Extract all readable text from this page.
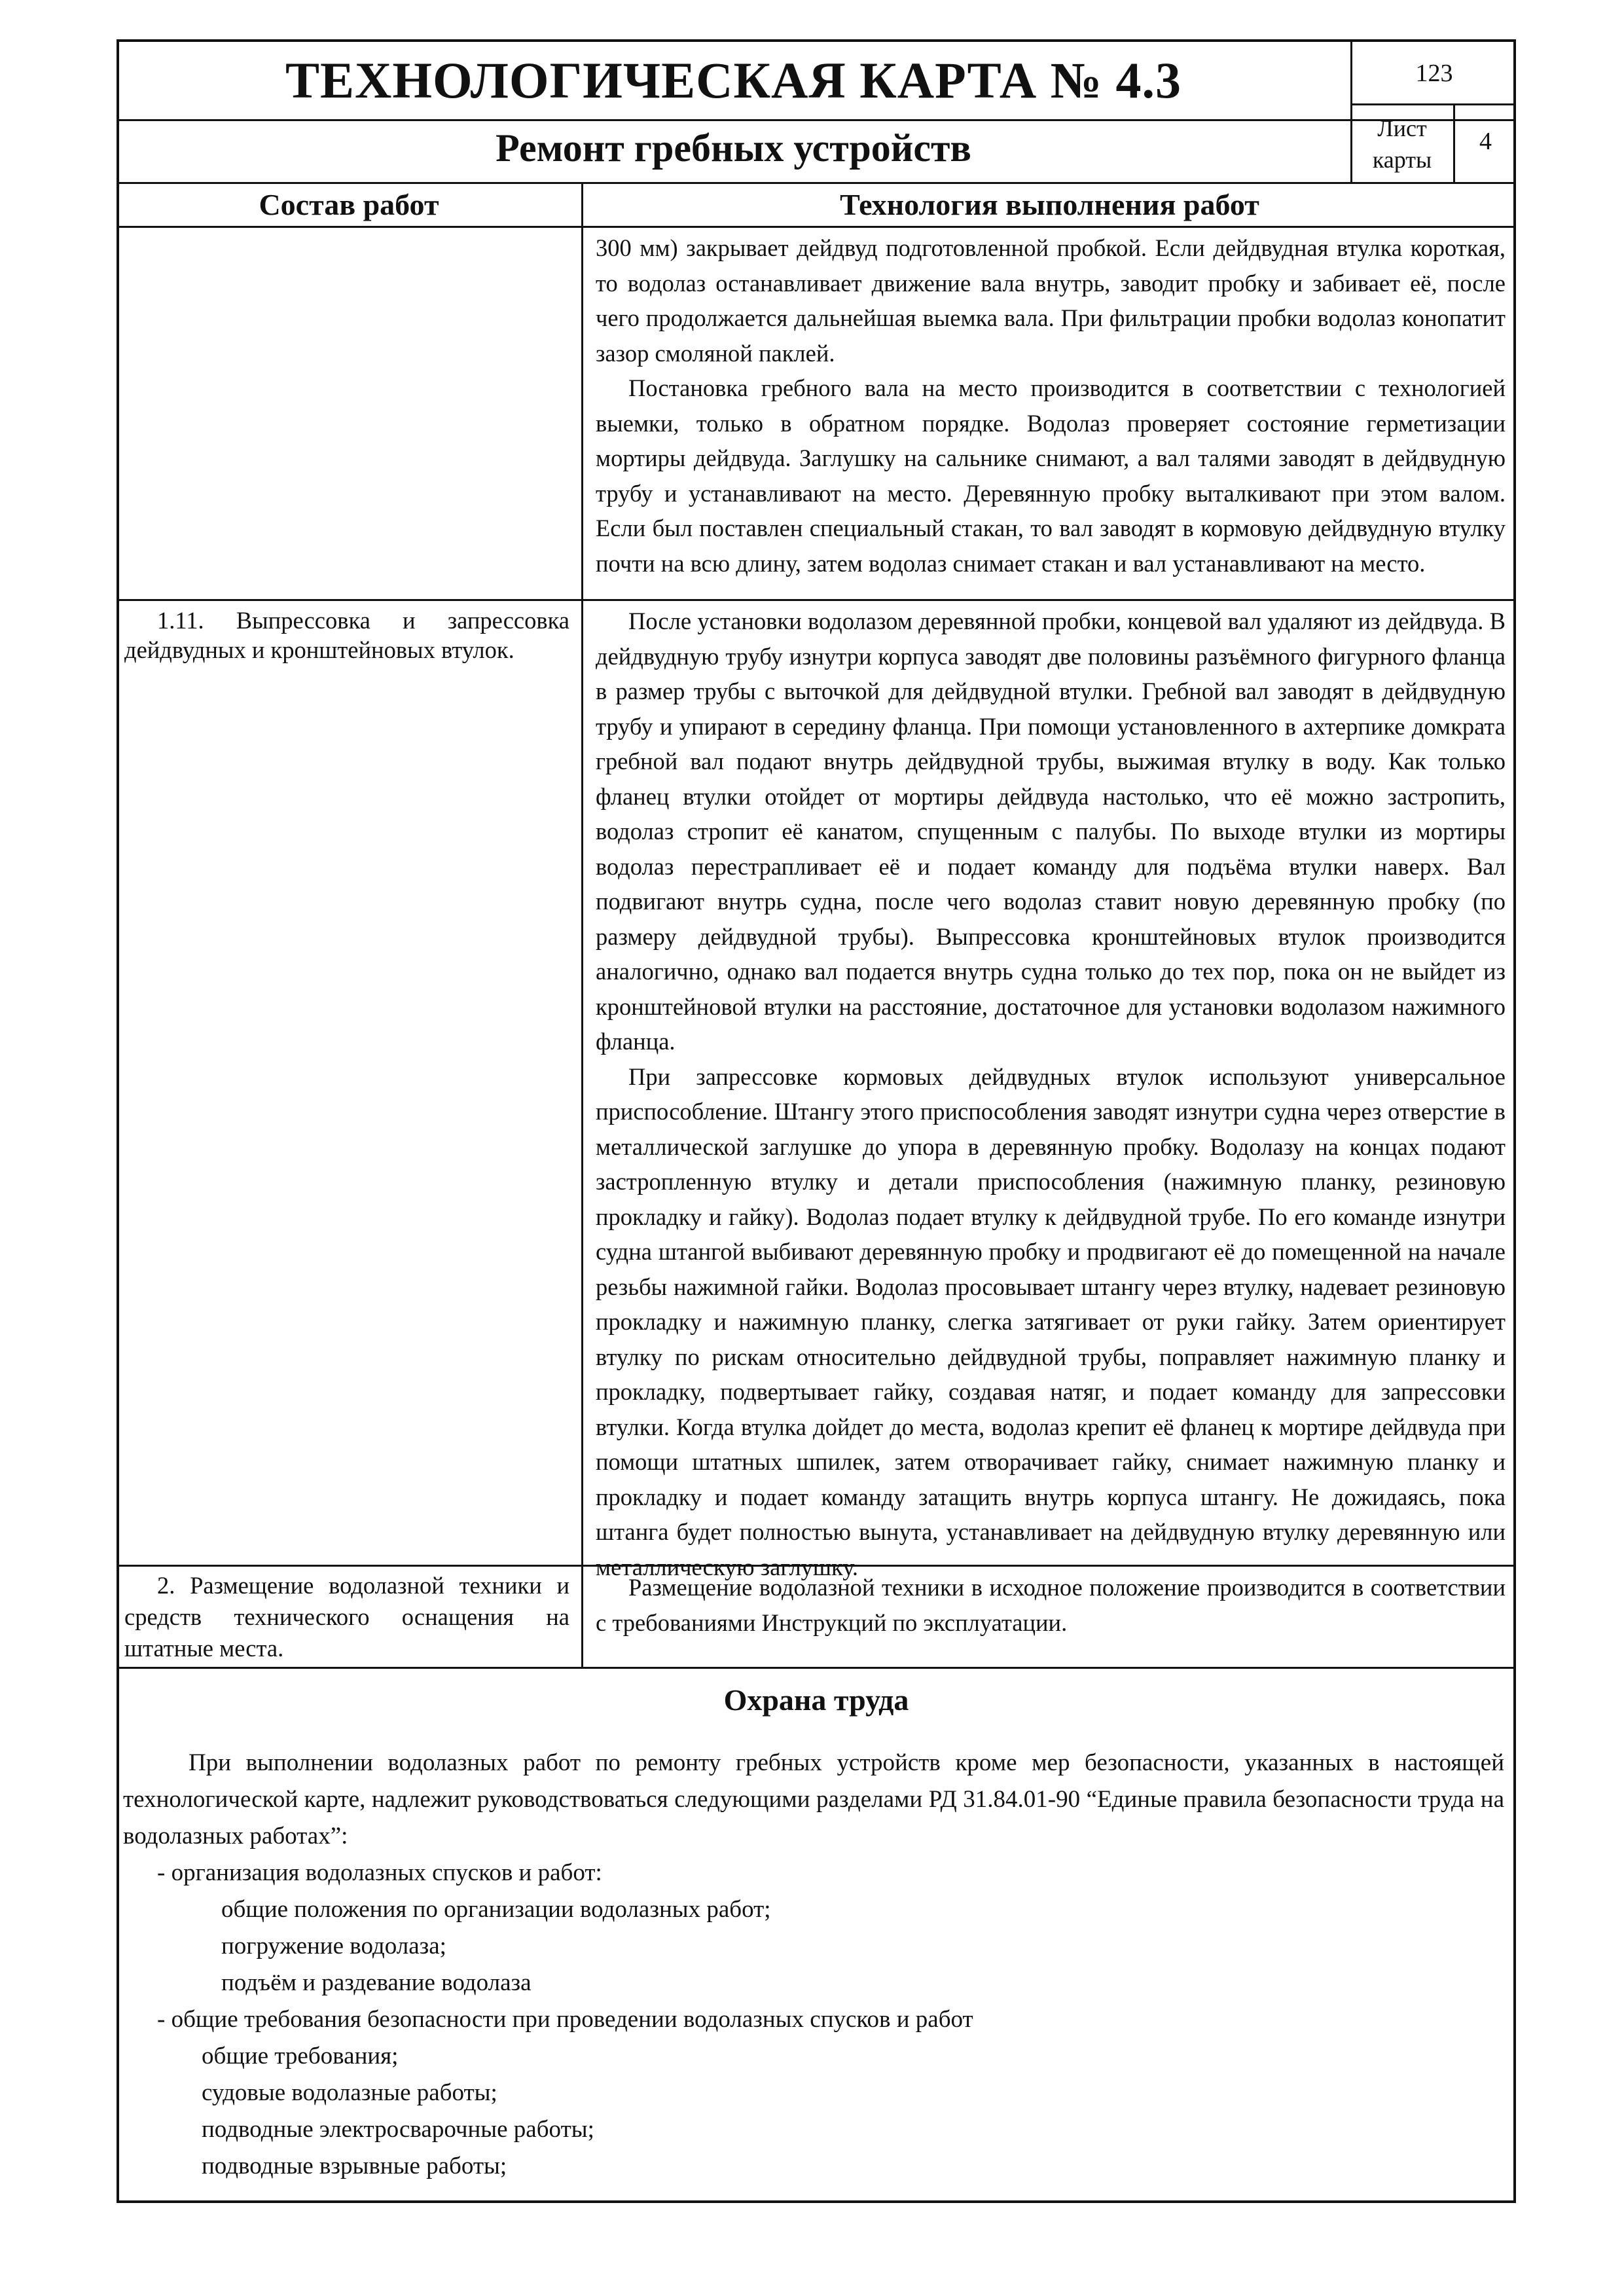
ТЕХНОЛОГИЧЕСКАЯ КАРТА № 4.3
Ремонт гребных устройств
123
Лист карты
4
Состав работ	Технология выполнения работ

300 мм) закрывает дейдвуд подготовленной пробкой. Если дейдвудная втулка короткая, то водолаз останавливает движение вала внутрь, заводит пробку и забивает её, после чего продолжается дальнейшая выемка вала. При фильтрации пробки водолаз конопатит зазор смоляной паклей.

Постановка гребного вала на место производится в соответствии с технологией выемки, только в обратном порядке. Водолаз проверяет состояние герметизации мортиры дейдвуда. Заглушку на сальнике снимают, а вал талями заводят в дейдвудную трубу и устанавливают на место. Деревянную пробку выталкивают при этом валом. Если был поставлен специальный стакан, то вал заводят в кормовую дейдвудную втулку почти на всю длину, затем водолаз снимает стакан и вал устанавливают на место.

1.11. Выпрессовка и запрессовка дейдвудных и кронштейновых втулок.

После установки водолазом деревянной пробки, концевой вал удаляют из дейдвуда. В дейдвудную трубу изнутри корпуса заводят две половины разъёмного фигурного фланца в размер трубы с выточкой для дейдвудной втулки. Гребной вал заводят в дейдвудную трубу и упирают в середину фланца. При помощи установленного в ахтерпике домкрата гребной вал подают внутрь дейдвудной трубы, выжимая втулку в воду. Как только фланец втулки отойдет от мортиры дейдвуда настолько, что её можно застропить, водолаз стропит её канатом, спущенным с палубы. По выходе втулки из мортиры водолаз перестрапливает её и подает команду для подъёма втулки наверх. Вал подвигают внутрь судна, после чего водолаз ставит новую деревянную пробку (по размеру дейдвудной трубы). Выпрессовка кронштейновых втулок производится аналогично, однако вал подается внутрь судна только до тех пор, пока он не выйдет из кронштейновой втулки на расстояние, достаточное для установки водолазом нажимного фланца.

При запрессовке кормовых дейдвудных втулок используют универсальное приспособление. Штангу этого приспособления заводят изнутри судна через отверстие в металлической заглушке до упора в деревянную пробку. Водолазу на концах подают застропленную втулку и детали приспособления (нажимную планку, резиновую прокладку и гайку). Водолаз подает втулку к дейдвудной трубе. По его команде изнутри судна штангой выбивают деревянную пробку и продвигают её до помещенной на начале резьбы нажимной гайки. Водолаз просовывает штангу через втулку, надевает резиновую прокладку и нажимную планку, слегка затягивает от руки гайку. Затем ориентирует втулку по рискам относительно дейдвудной трубы, поправляет нажимную планку и прокладку, подвертывает гайку, создавая натяг, и подает команду для запрессовки втулки. Когда втулка дойдет до места, водолаз крепит её фланец к мортире дейдвуда при помощи штатных шпилек, затем отворачивает гайку, снимает нажимную планку и прокладку и подает команду затащить внутрь корпуса штангу. Не дожидаясь, пока штанга будет полностью вынута, устанавливает на дейдвудную втулку деревянную или металлическую заглушку.

2. Размещение водолазной техники и средств технического оснащения на штатные места.

Размещение водолазной техники в исходное положение производится в соответствии с требованиями Инструкций по эксплуатации.

Охрана труда

При выполнении водолазных работ по ремонту гребных устройств кроме мер безопасности, указанных в настоящей технологической карте, надлежит руководствоваться следующими разделами РД 31.84.01-90 “Единые правила безопасности труда на водолазных работах”:

- организация водолазных спусков и работ:

общие положения по организации водолазных работ;

погружение водолаза;

подъём и раздевание водолаза

- общие требования безопасности при проведении водолазных спусков и работ

общие требования;

судовые водолазные работы;

подводные электросварочные работы;

подводные взрывные работы;
